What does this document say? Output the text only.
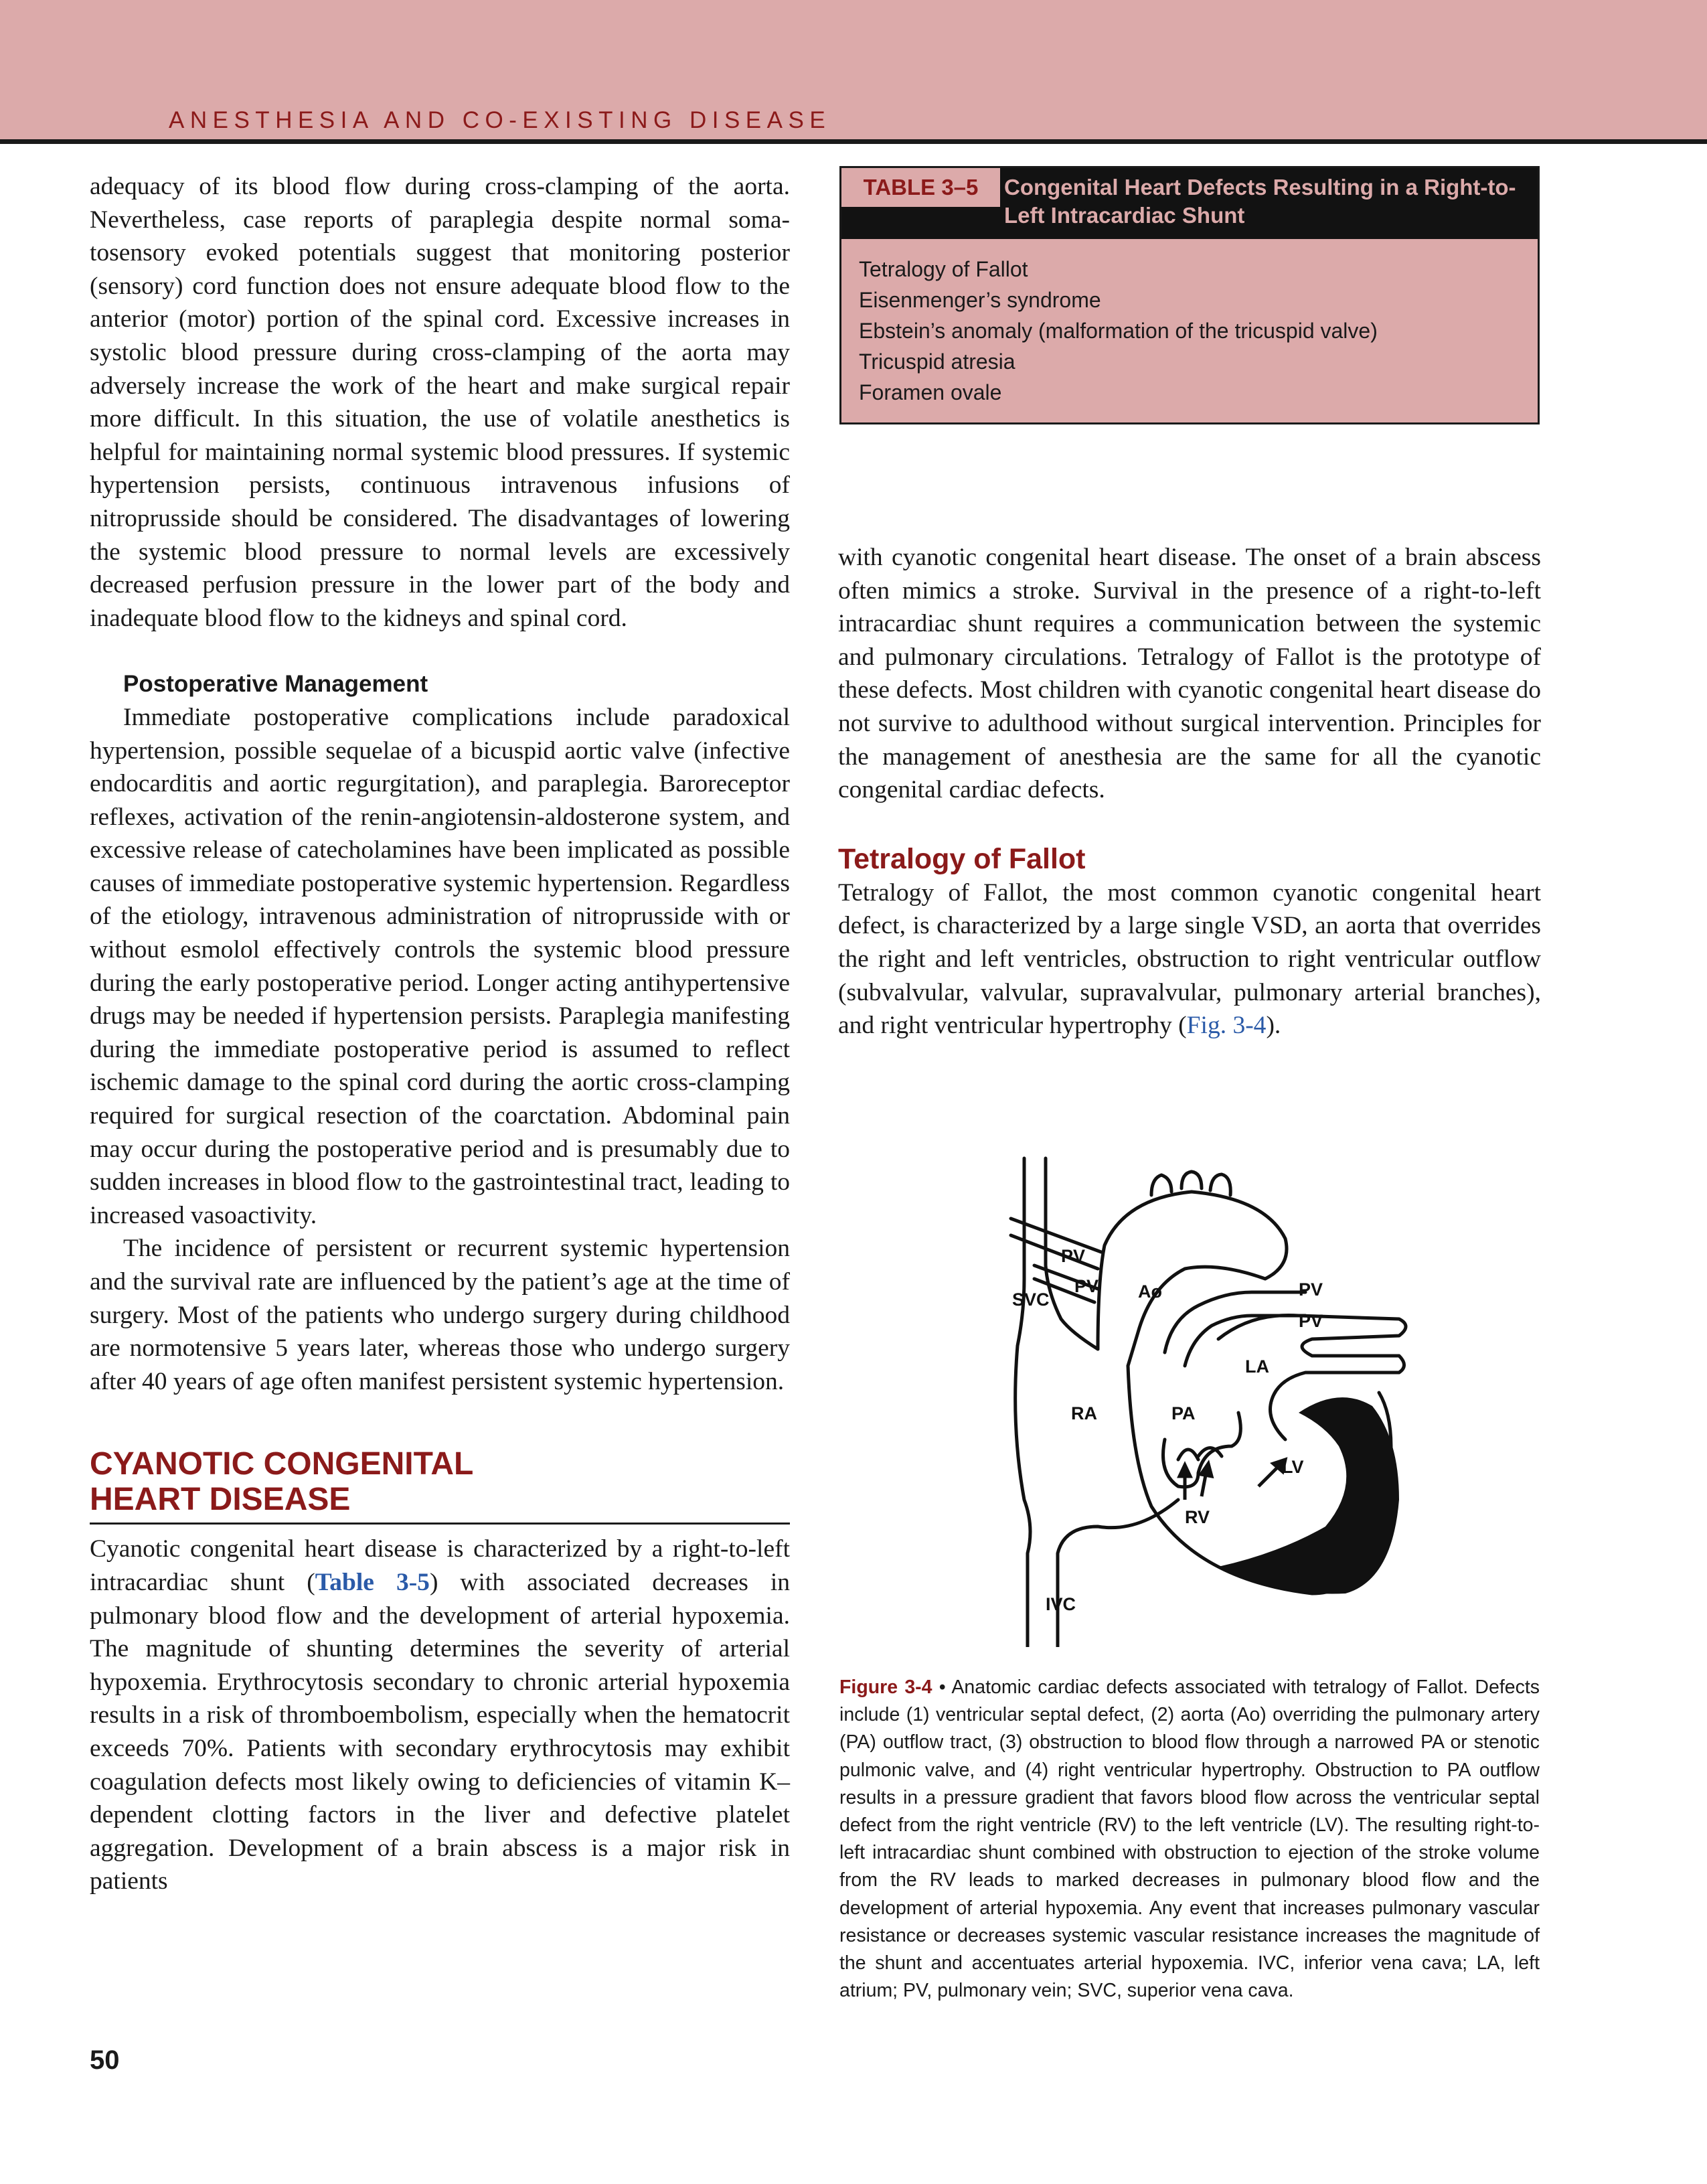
ANESTHESIA AND CO-EXISTING DISEASE

adequacy of its blood flow during cross-clamping of the aorta. Nevertheless, case reports of paraplegia despite normal somatosensory evoked potentials suggest that monitoring posterior (sensory) cord function does not ensure adequate blood flow to the anterior (motor) portion of the spinal cord. Excessive increases in systolic blood pressure during cross-clamping of the aorta may adversely increase the work of the heart and make surgical repair more difficult. In this situation, the use of volatile anesthetics is helpful for maintaining normal systemic blood pressures. If systemic hypertension persists, continuous intravenous infusions of nitroprusside should be considered. The disadvantages of lowering the systemic blood pressure to normal levels are excessively decreased perfusion pressure in the lower part of the body and inadequate blood flow to the kidneys and spinal cord.

Postoperative Management

Immediate postoperative complications include paradoxical hypertension, possible sequelae of a bicuspid aortic valve (infective endocarditis and aortic regurgitation), and paraplegia. Baroreceptor reflexes, activation of the renin-angiotensin-aldosterone system, and excessive release of catecholamines have been implicated as possible causes of immediate postoperative systemic hypertension. Regardless of the etiology, intravenous administration of nitroprusside with or without esmolol effectively controls the systemic blood pressure during the early postoperative period. Longer acting antihypertensive drugs may be needed if hypertension persists. Paraplegia manifesting during the immediate postoperative period is assumed to reflect ischemic damage to the spinal cord during the aortic cross-clamping required for surgical resection of the coarctation. Abdominal pain may occur during the postoperative period and is presumably due to sudden increases in blood flow to the gastrointestinal tract, leading to increased vasoactivity.

The incidence of persistent or recurrent systemic hypertension and the survival rate are influenced by the patient’s age at the time of surgery. Most of the patients who undergo surgery during childhood are normotensive 5 years later, whereas those who undergo surgery after 40 years of age often manifest persistent systemic hypertension.

CYANOTIC CONGENITAL
HEART DISEASE

Cyanotic congenital heart disease is characterized by a right-to-left intracardiac shunt (Table 3-5) with associated decreases in pulmonary blood flow and the development of arterial hypoxemia. The magnitude of shunting determines the severity of arterial hypoxemia. Erythrocytosis secondary to chronic arterial hypoxemia results in a risk of thromboembolism, especially when the hematocrit exceeds 70%. Patients with secondary erythrocytosis may exhibit coagulation defects most likely owing to deficiencies of vitamin K–dependent clotting factors in the liver and defective platelet aggregation. Development of a brain abscess is a major risk in patients

TABLE 3–5	Congenital Heart Defects Resulting in a Right-to-Left Intracardiac Shunt
Tetralogy of Fallot
Eisenmenger’s syndrome
Ebstein’s anomaly (malformation of the tricuspid valve)
Tricuspid atresia
Foramen ovale

with cyanotic congenital heart disease. The onset of a brain abscess often mimics a stroke. Survival in the presence of a right-to-left intracardiac shunt requires a communication between the systemic and pulmonary circulations. Tetralogy of Fallot is the prototype of these defects. Most children with cyanotic congenital heart disease do not survive to adulthood without surgical intervention. Principles for the management of anesthesia are the same for all the cyanotic congenital cardiac defects.

Tetralogy of Fallot

Tetralogy of Fallot, the most common cyanotic congenital heart defect, is characterized by a large single VSD, an aorta that overrides the right and left ventricles, obstruction to right ventricular outflow (subvalvular, valvular, supravalvular, pulmonary arterial branches), and right ventricular hypertrophy (Fig. 3-4).

PV
PV
SVC	Ao	PV
PV
LA
RA	PA
LV
RV
IVC
Figure 3-4 • Anatomic cardiac defects associated with tetralogy of Fallot. Defects include (1) ventricular septal defect, (2) aorta (Ao) overriding the pulmonary artery (PA) outflow tract, (3) obstruction to blood flow through a narrowed PA or stenotic pulmonic valve, and (4) right ventricular hypertrophy. Obstruction to PA outflow results in a pressure gradient that favors blood flow across the ventricular septal defect from the right ventricle (RV) to the left ventricle (LV). The resulting right-to-left intracardiac shunt combined with obstruction to ejection of the stroke volume from the RV leads to marked decreases in pulmonary blood flow and the development of arterial hypoxemia. Any event that increases pulmonary vascular resistance or decreases systemic vascular resistance increases the magnitude of the shunt and accentuates arterial hypoxemia. IVC, inferior vena cava; LA, left atrium; PV, pulmonary vein; SVC, superior vena cava.
50
